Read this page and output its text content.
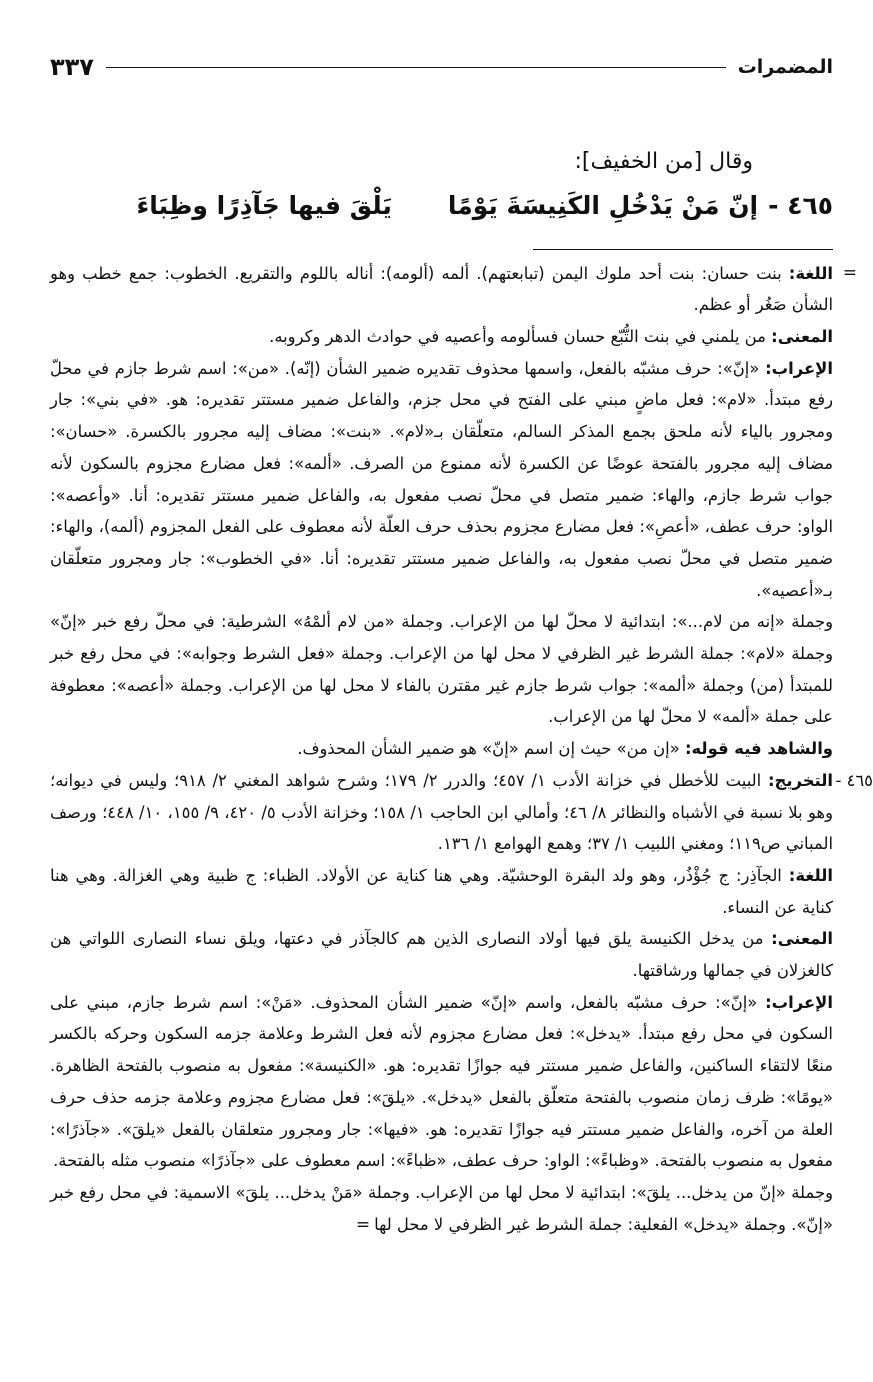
المضمرات
٣٣٧
وقال [من الخفيف]:
٤٦٥ -
إنّ مَنْ يَدْخُلِ الكَنِيسَةَ يَوْمًا
يَلْقَ فيها جَآذِرًا وظِبَاءَ
=

اللغة: بنت حسان: بنت أحد ملوك اليمن (تبابعتهم). ألمه (ألومه): أناله باللوم والتقريع. الخطوب: جمع خطب وهو الشأن صَغُر أو عظم.

المعنى: من يلمني في بنت التُّبّع حسان فسألومه وأعصيه في حوادث الدهر وكروبه.

الإعراب: «إنّ»: حرف مشبّه بالفعل، واسمها محذوف تقديره ضمير الشأن (إنّه). «من»: اسم شرط جازم في محلّ رفع مبتدأ. «لام»: فعل ماضٍ مبني على الفتح في محل جزم، والفاعل ضمير مستتر تقديره: هو. «في بني»: جار ومجرور بالياء لأنه ملحق بجمع المذكر السالم، متعلّقان بـ«لام». «بنت»: مضاف إليه مجرور بالكسرة. «حسان»: مضاف إليه مجرور بالفتحة عوضًا عن الكسرة لأنه ممنوع من الصرف. «ألمه»: فعل مضارع مجزوم بالسكون لأنه جواب شرط جازم، والهاء: ضمير متصل في محلّ نصب مفعول به، والفاعل ضمير مستتر تقديره: أنا. «وأعصه»: الواو: حرف عطف، «أعصِ»: فعل مضارع مجزوم بحذف حرف العلّة لأنه معطوف على الفعل المجزوم (ألمه)، والهاء: ضمير متصل في محلّ نصب مفعول به، والفاعل ضمير مستتر تقديره: أنا. «في الخطوب»: جار ومجرور متعلّقان بـ«أعصيه».

وجملة «إنه من لام...»: ابتدائية لا محلّ لها من الإعراب. وجملة «من لام ألمْهُ» الشرطية: في محلّ رفع خبر «إنّ» وجملة «لام»: جملة الشرط غير الظرفي لا محل لها من الإعراب. وجملة «فعل الشرط وجوابه»: في محل رفع خبر للمبتدأ (من) وجملة «ألمه»: جواب شرط جازم غير مقترن بالفاء لا محل لها من الإعراب. وجملة «أعصه»: معطوفة على جملة «ألمه» لا محلّ لها من الإعراب.

والشاهد فيه قوله: «إن من» حيث إن اسم «إنّ» هو ضمير الشأن المحذوف.

٤٦٥ -
التخريج: البيت للأخطل في خزانة الأدب ١/ ٤٥٧؛ والدرر ٢/ ١٧٩؛ وشرح شواهد المغني ٢/ ٩١٨؛ وليس في ديوانه؛ وهو بلا نسبة في الأشباه والنظائر ٨/ ٤٦؛ وأمالي ابن الحاجب ١/ ١٥٨؛ وخزانة الأدب ٥/ ٤٢٠، ٩/ ١٥٥، ١٠/ ٤٤٨؛ ورصف المباني ص١١٩؛ ومغني اللبيب ١/ ٣٧؛ وهمع الهوامع ١/ ١٣٦.

اللغة: الجآذِر: ج جُؤْذُر، وهو ولد البقرة الوحشيّة. وهي هنا كناية عن الأولاد. الظباء: ج ظبية وهي الغزالة. وهي هنا كناية عن النساء.

المعنى: من يدخل الكنيسة يلق فيها أولاد النصارى الذين هم كالجآذر في دعتها، ويلق نساء النصارى اللواتي هن كالغزلان في جمالها ورشاقتها.

الإعراب: «إنّ»: حرف مشبّه بالفعل، واسم «إنّ» ضمير الشأن المحذوف. «مَنْ»: اسم شرط جازم، مبني على السكون في محل رفع مبتدأ. «يدخل»: فعل مضارع مجزوم لأنه فعل الشرط وعلامة جزمه السكون وحركه بالكسر منعًا لالتقاء الساكنين، والفاعل ضمير مستتر فيه جوازًا تقديره: هو. «الكنيسة»: مفعول به منصوب بالفتحة الظاهرة. «يومًا»: ظرف زمان منصوب بالفتحة متعلّق بالفعل «يدخل». «يلقَ»: فعل مضارع مجزوم وعلامة جزمه حذف حرف العلة من آخره، والفاعل ضمير مستتر فيه جوازًا تقديره: هو. «فيها»: جار ومجرور متعلقان بالفعل «يلقَ». «جآذرًا»: مفعول به منصوب بالفتحة. «وظباءً»: الواو: حرف عطف، «ظباءً»: اسم معطوف على «جآذرًا» منصوب مثله بالفتحة.

وجملة «إنّ من يدخل... يلقَ»: ابتدائية لا محل لها من الإعراب. وجملة «مَنْ يدخل... يلقَ» الاسمية: في محل رفع خبر «إنّ». وجملة «يدخل» الفعلية: جملة الشرط غير الظرفي لا محل لها=
